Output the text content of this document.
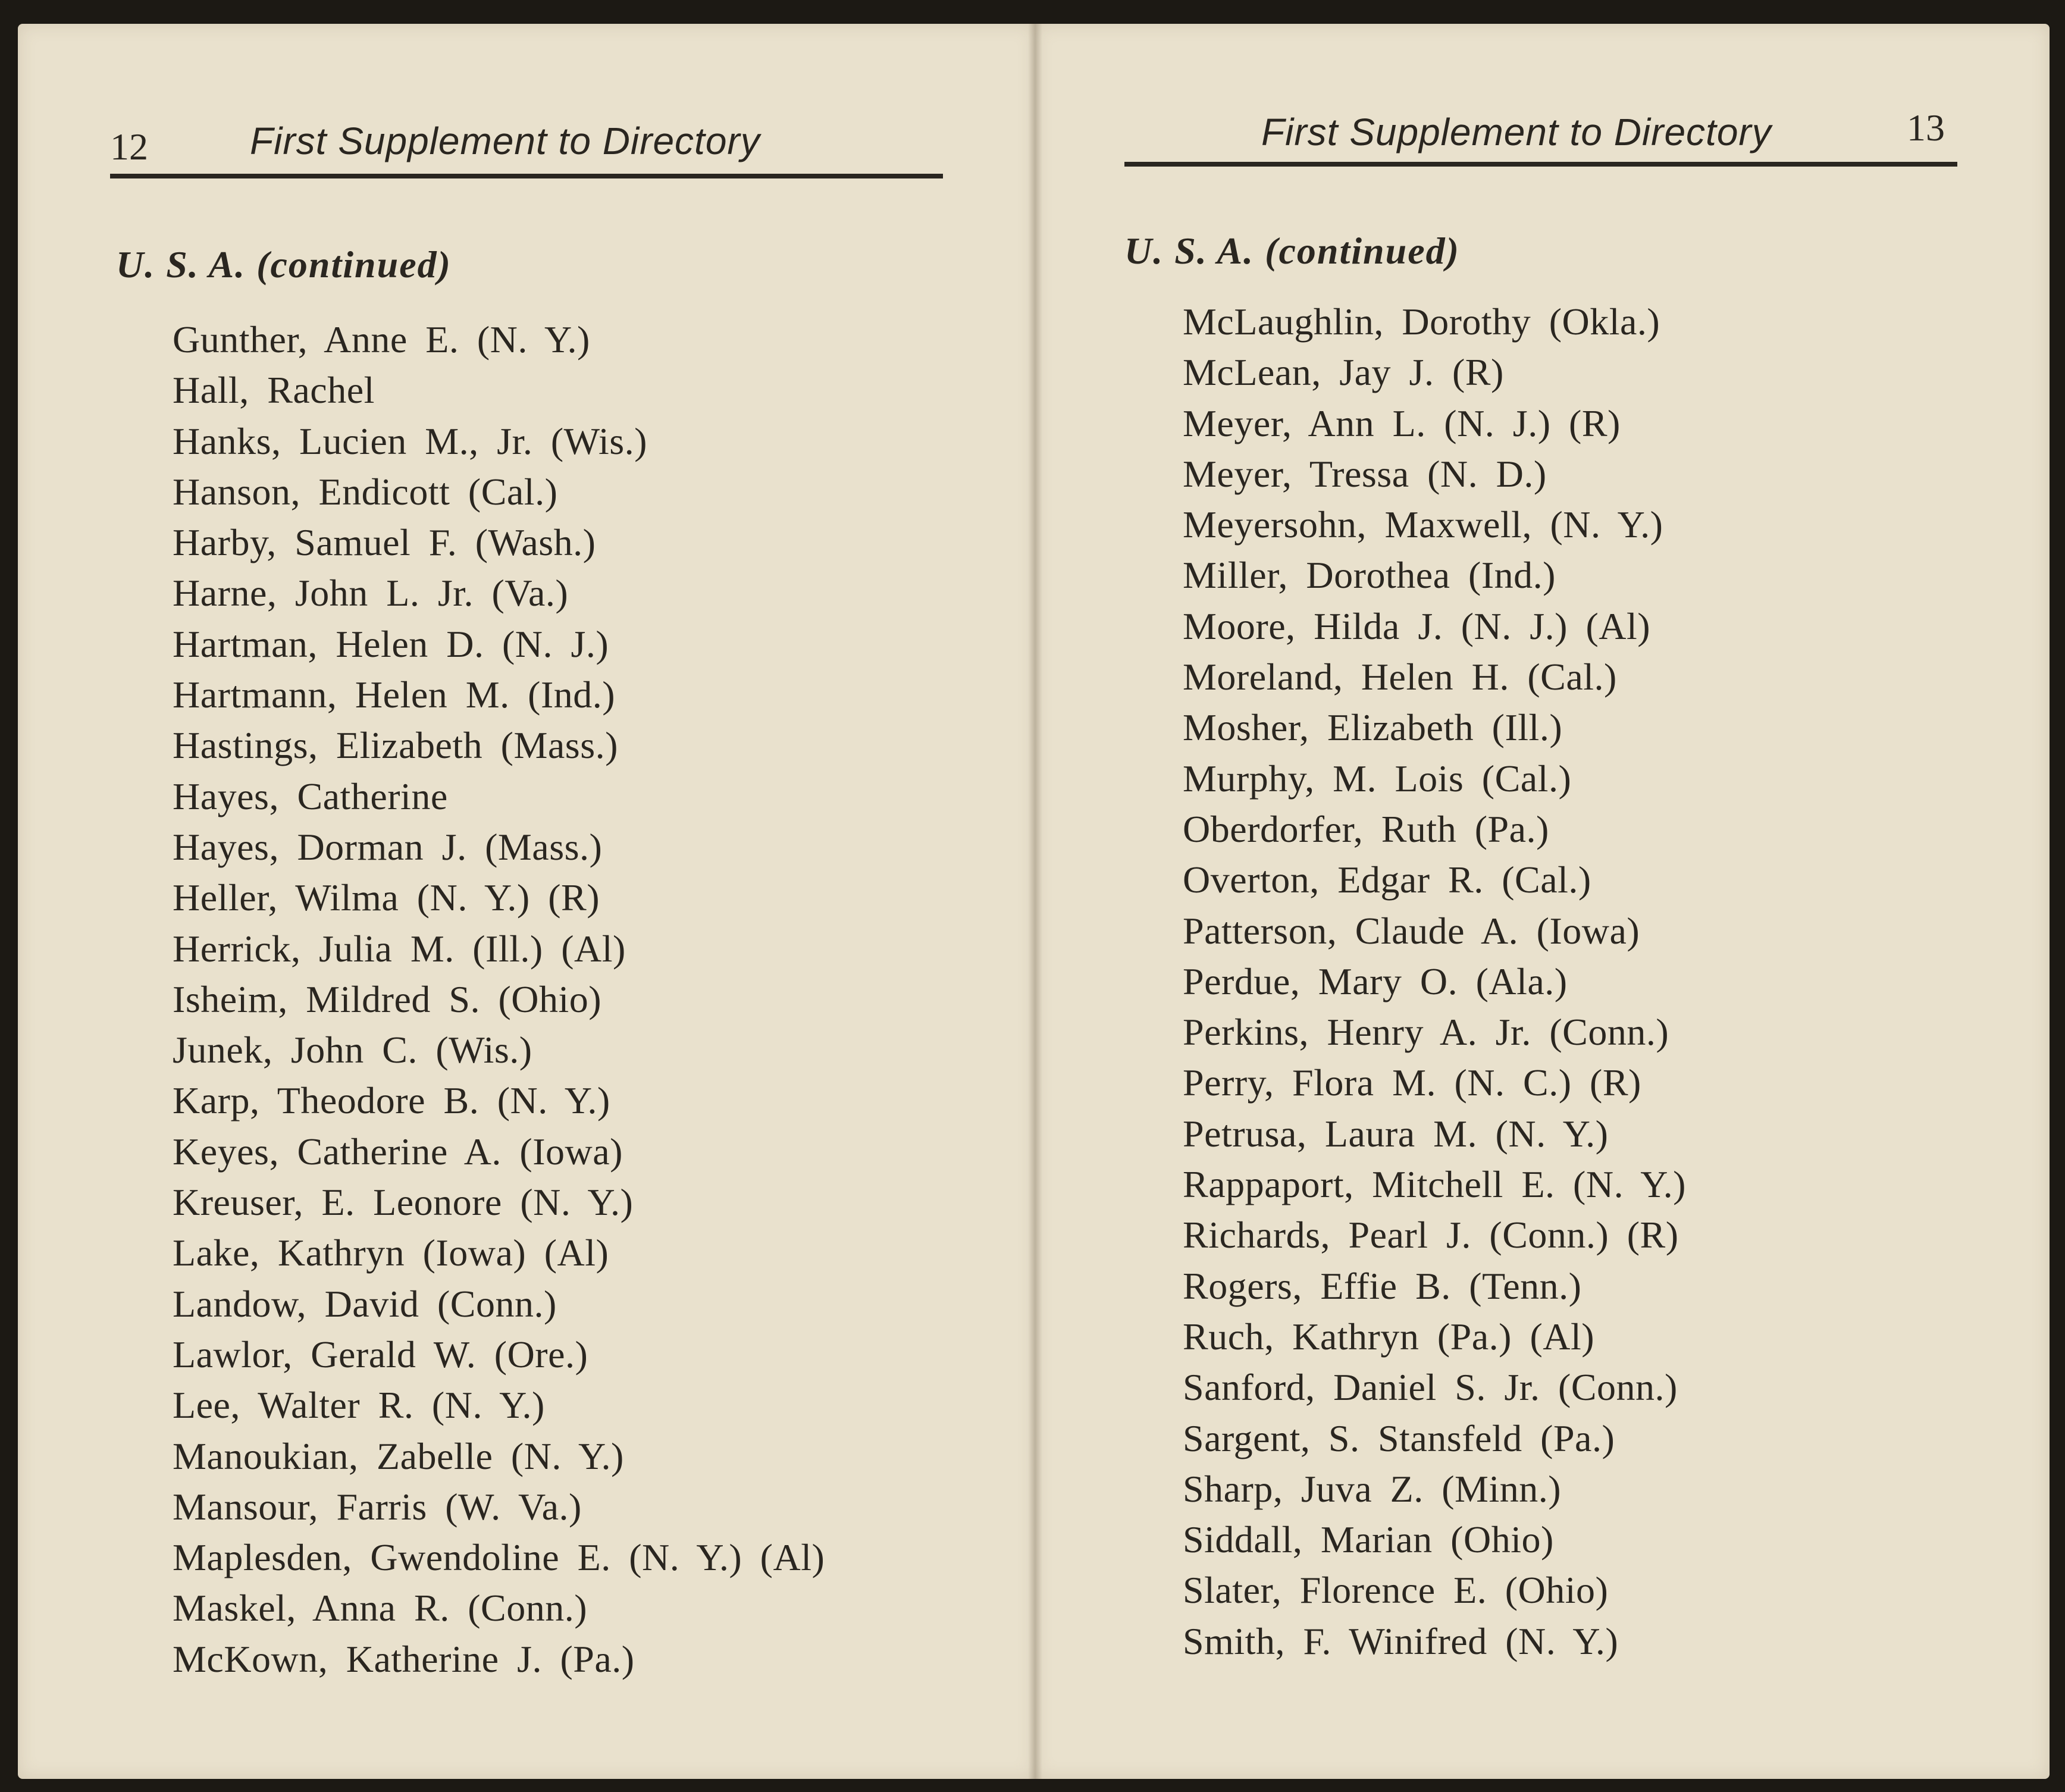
12	First Supplement to Directory
U. S. A. (continued)
Gunther, Anne E. (N. Y.)
Hall, Rachel
Hanks, Lucien M., Jr. (Wis.)
Hanson, Endicott (Cal.)
Harby, Samuel F. (Wash.)
Harne, John L. Jr. (Va.)
Hartman, Helen D. (N. J.)
Hartmann, Helen M. (Ind.)
Hastings, Elizabeth (Mass.)
Hayes, Catherine
Hayes, Dorman J. (Mass.)
Heller, Wilma (N. Y.) (R)
Herrick, Julia M. (Ill.) (Al)
Isheim, Mildred S. (Ohio)
Junek, John C. (Wis.)
Karp, Theodore B. (N. Y.)
Keyes, Catherine A. (Iowa)
Kreuser, E. Leonore (N. Y.)
Lake, Kathryn (Iowa) (Al)
Landow, David (Conn.)
Lawlor, Gerald W. (Ore.)
Lee, Walter R. (N. Y.)
Manoukian, Zabelle (N. Y.)
Mansour, Farris (W. Va.)
Maplesden, Gwendoline E. (N. Y.) (Al)
Maskel, Anna R. (Conn.)
McKown, Katherine J. (Pa.)
First Supplement to Directory	13
U. S. A. (continued)
McLaughlin, Dorothy (Okla.)
McLean, Jay J. (R)
Meyer, Ann L. (N. J.) (R)
Meyer, Tressa (N. D.)
Meyersohn, Maxwell, (N. Y.)
Miller, Dorothea (Ind.)
Moore, Hilda J. (N. J.) (Al)
Moreland, Helen H. (Cal.)
Mosher, Elizabeth (Ill.)
Murphy, M. Lois (Cal.)
Oberdorfer, Ruth (Pa.)
Overton, Edgar R. (Cal.)
Patterson, Claude A. (Iowa)
Perdue, Mary O. (Ala.)
Perkins, Henry A. Jr. (Conn.)
Perry, Flora M. (N. C.) (R)
Petrusa, Laura M. (N. Y.)
Rappaport, Mitchell E. (N. Y.)
Richards, Pearl J. (Conn.) (R)
Rogers, Effie B. (Tenn.)
Ruch, Kathryn (Pa.) (Al)
Sanford, Daniel S. Jr. (Conn.)
Sargent, S. Stansfeld (Pa.)
Sharp, Juva Z. (Minn.)
Siddall, Marian (Ohio)
Slater, Florence E. (Ohio)
Smith, F. Winifred (N. Y.)
